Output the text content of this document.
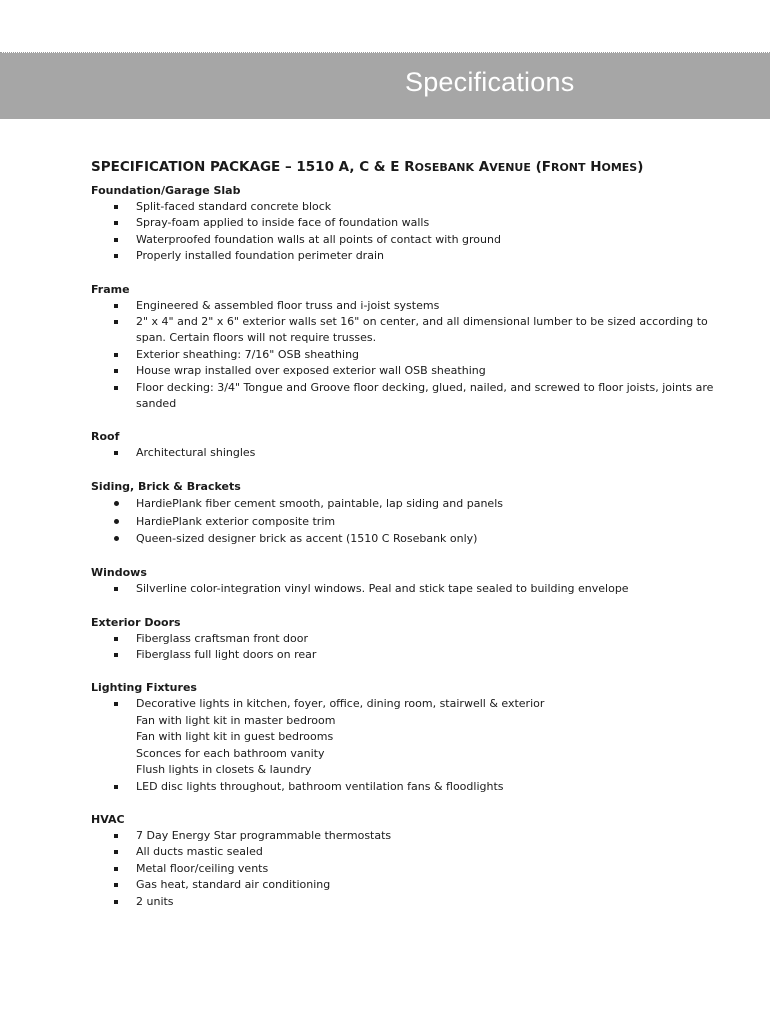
Specifications
SPECIFICATION PACKAGE – 1510 A, C & E ROSEBANK AVENUE (FRONT HOMES)
Foundation/Garage Slab
Split-faced standard concrete block
Spray-foam applied to inside face of foundation walls
Waterproofed foundation walls at all points of contact with ground
Properly installed foundation perimeter drain
Frame
Engineered & assembled floor truss and i-joist systems
2" x 4" and 2" x 6" exterior walls set 16" on center, and all dimensional lumber to be sized according to span. Certain floors will not require trusses.
Exterior sheathing: 7/16" OSB sheathing
House wrap installed over exposed exterior wall OSB sheathing
Floor decking: 3/4" Tongue and Groove floor decking, glued, nailed, and screwed to floor joists, joints are sanded
Roof
Architectural shingles
Siding, Brick & Brackets
HardiePlank fiber cement smooth, paintable, lap siding and panels
HardiePlank exterior composite trim
Queen-sized designer brick as accent (1510 C Rosebank only)
Windows
Silverline color-integration vinyl windows. Peal and stick tape sealed to building envelope
Exterior Doors
Fiberglass craftsman front door
Fiberglass full light doors on rear
Lighting Fixtures
Decorative lights in kitchen, foyer, office, dining room, stairwell & exterior
Fan with light kit in master bedroom
Fan with light kit in guest bedrooms
Sconces for each bathroom vanity
Flush lights in closets & laundry
LED disc lights throughout, bathroom ventilation fans & floodlights
HVAC
7 Day Energy Star programmable thermostats
All ducts mastic sealed
Metal floor/ceiling vents
Gas heat, standard air conditioning
2 units
